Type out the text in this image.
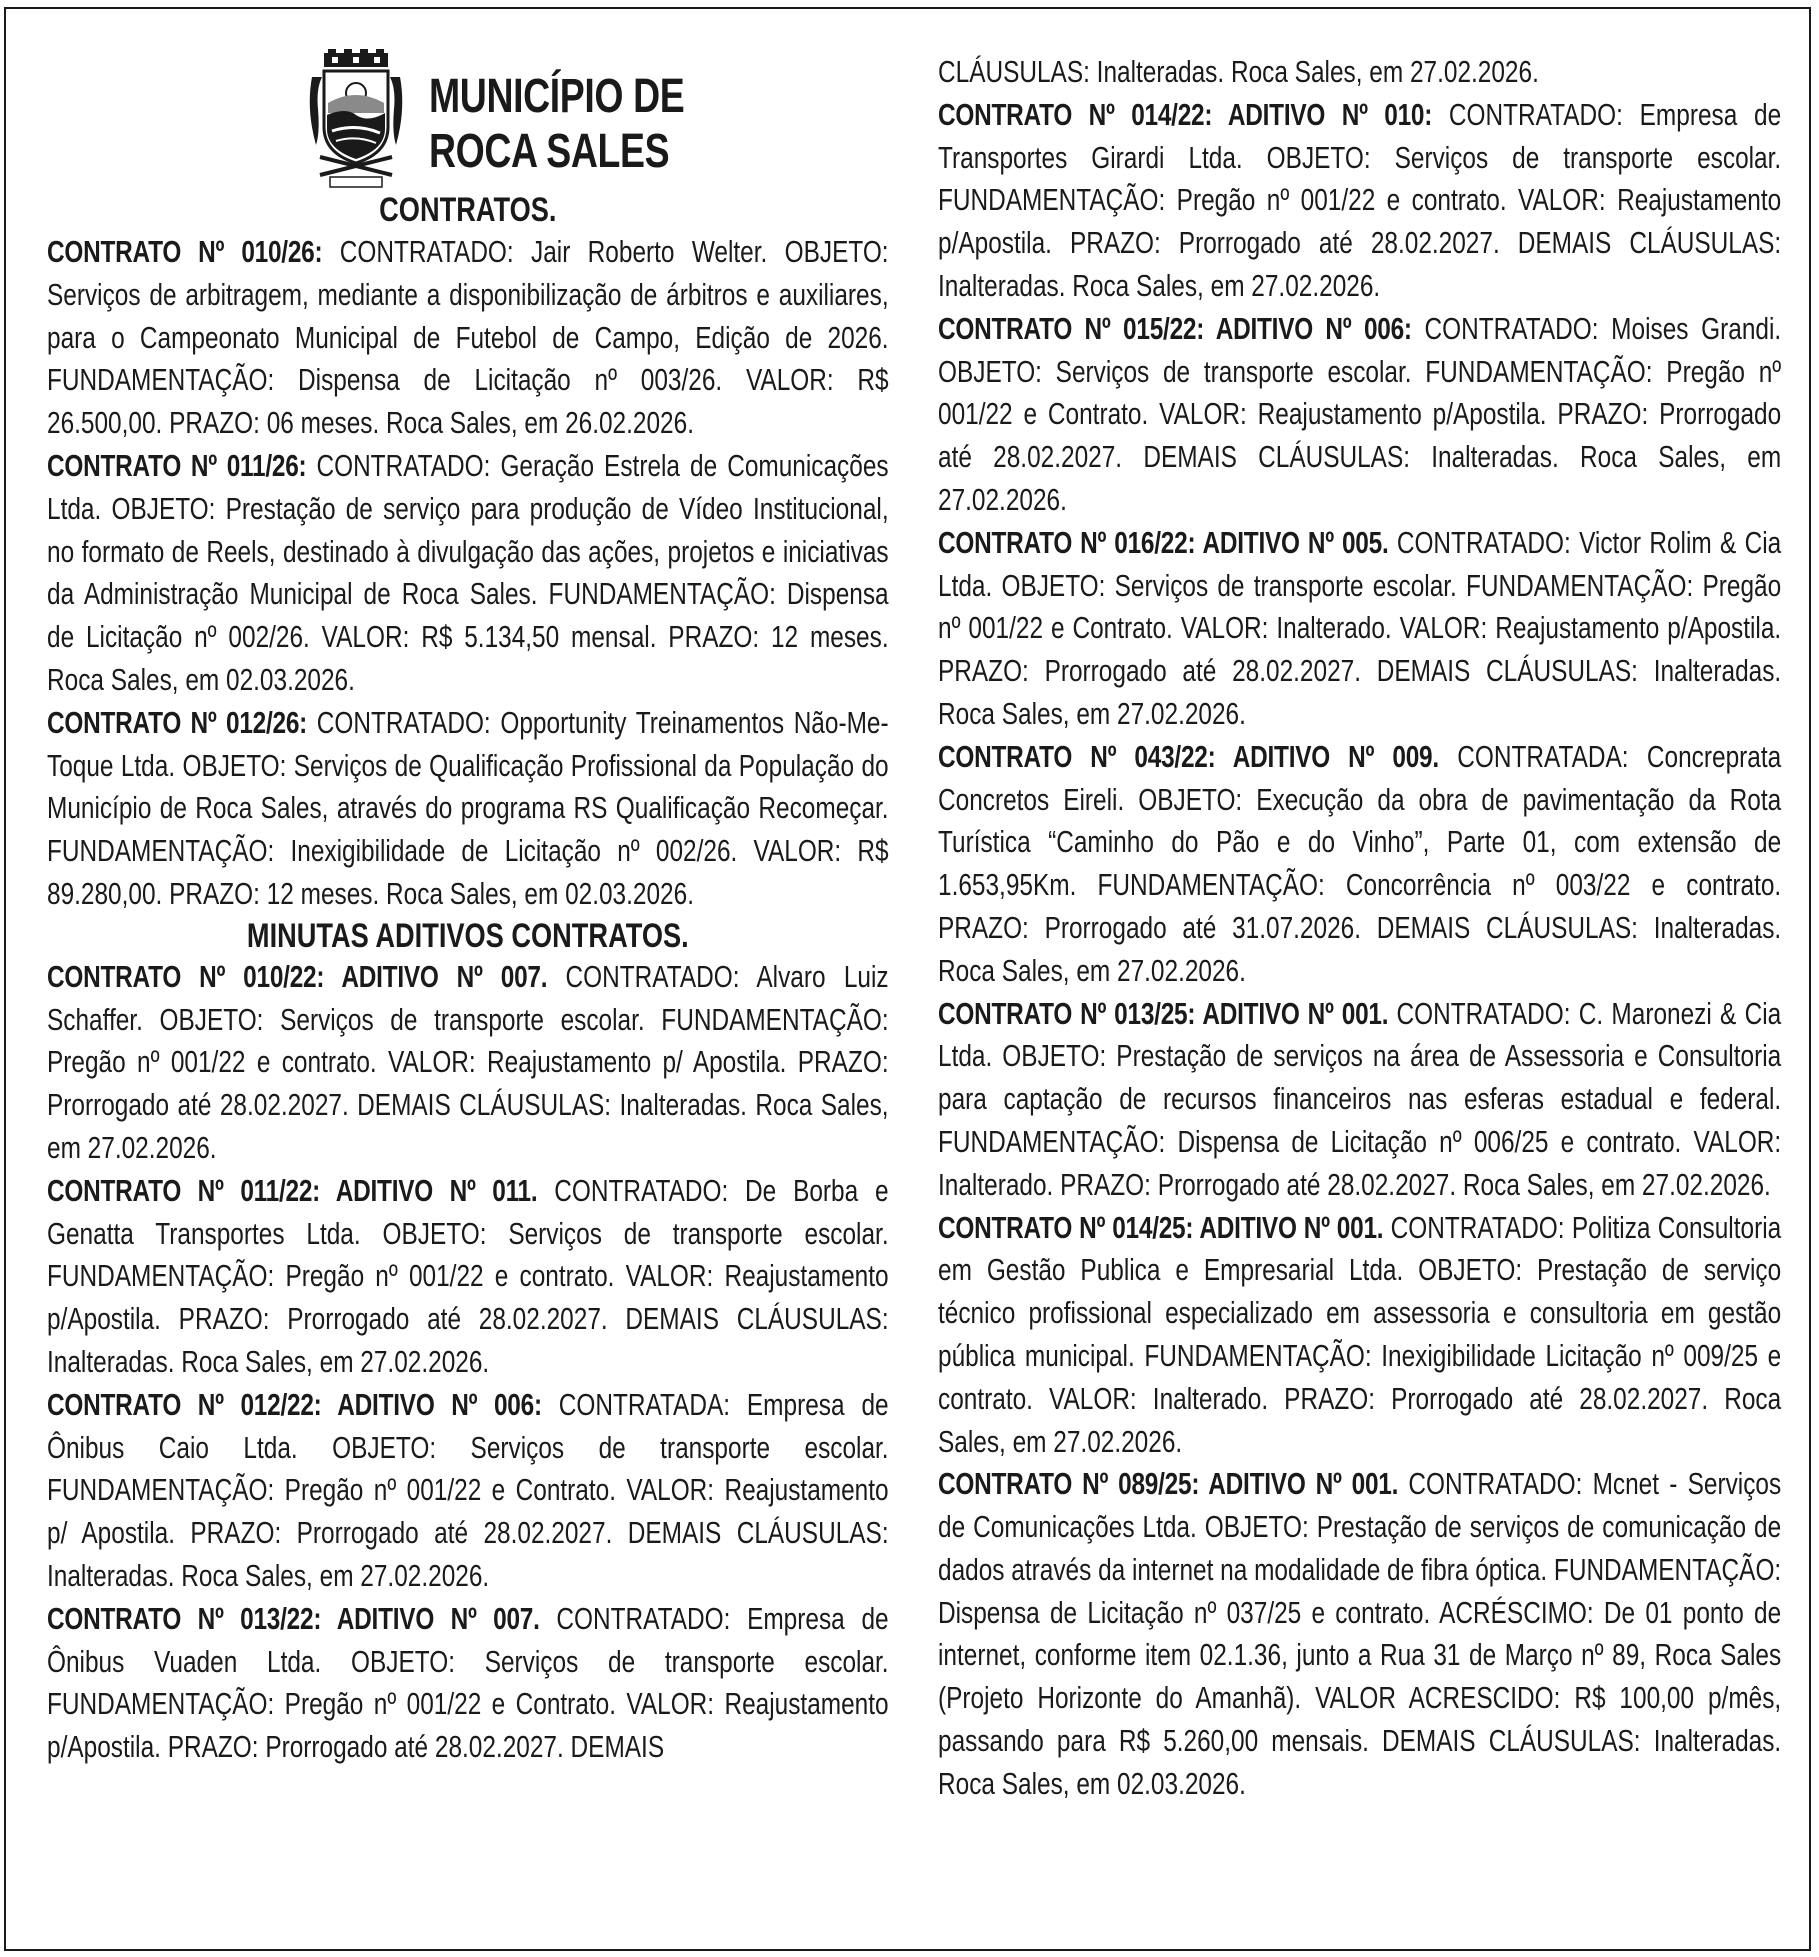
MUNICÍPIO DE
ROCA SALES

CONTRATOS.

CONTRATO Nº 010/26: CONTRATADO: Jair Roberto Welter. OBJETO: Serviços de arbitragem, mediante a disponibilização de árbitros e auxiliares, para o Campeonato Municipal de Futebol de Campo, Edição de 2026. FUNDAMENTAÇÃO: Dispensa de Licitação nº 003/26. VALOR: R$ 26.500,00. PRAZO: 06 meses. Roca Sales, em 26.02.2026.

CONTRATO Nº 011/26: CONTRATADO: Geração Estrela de Comunicações Ltda. OBJETO: Prestação de serviço para produção de Vídeo Institucional, no formato de Reels, destinado à divulgação das ações, projetos e iniciativas da Administração Municipal de Roca Sales. FUNDAMENTAÇÃO: Dispensa de Licitação nº 002/26. VALOR: R$ 5.134,50 mensal. PRAZO: 12 meses. Roca Sales, em 02.03.2026.

CONTRATO Nº 012/26: CONTRATADO: Opportunity Treinamentos Não-Me-Toque Ltda. OBJETO: Serviços de Qualificação Profissional da População do Município de Roca Sales, através do programa RS Qualificação Recomeçar. FUNDAMENTAÇÃO: Inexigibilidade de Licitação nº 002/26. VALOR: R$ 89.280,00. PRAZO: 12 meses. Roca Sales, em 02.03.2026.

MINUTAS ADITIVOS CONTRATOS.

CONTRATO Nº 010/22: ADITIVO Nº 007. CONTRATADO: Alvaro Luiz Schaffer. OBJETO: Serviços de transporte escolar. FUNDAMENTAÇÃO: Pregão nº 001/22 e contrato. VALOR: Reajustamento p/ Apostila. PRAZO: Prorrogado até 28.02.2027. DEMAIS CLÁUSULAS: Inalteradas. Roca Sales, em 27.02.2026.

CONTRATO Nº 011/22: ADITIVO Nº 011. CONTRATADO: De Borba e Genatta Transportes Ltda. OBJETO: Serviços de transporte escolar. FUNDAMENTAÇÃO: Pregão nº 001/22 e contrato. VALOR: Reajustamento p/Apostila. PRAZO: Prorrogado até 28.02.2027. DEMAIS CLÁUSULAS: Inalteradas. Roca Sales, em 27.02.2026.

CONTRATO Nº 012/22: ADITIVO Nº 006: CONTRATADA: Empresa de Ônibus Caio Ltda. OBJETO: Serviços de transporte escolar. FUNDAMENTAÇÃO: Pregão nº 001/22 e Contrato. VALOR: Reajustamento p/ Apostila. PRAZO: Prorrogado até 28.02.2027. DEMAIS CLÁUSULAS: Inalteradas. Roca Sales, em 27.02.2026.

CONTRATO Nº 013/22: ADITIVO Nº 007. CONTRATADO: Empresa de Ônibus Vuaden Ltda. OBJETO: Serviços de transporte escolar. FUNDAMENTAÇÃO: Pregão nº 001/22 e Contrato. VALOR: Reajustamento p/Apostila. PRAZO: Prorrogado até 28.02.2027. DEMAIS

CLÁUSULAS: Inalteradas. Roca Sales, em 27.02.2026.

CONTRATO Nº 014/22: ADITIVO Nº 010: CONTRATADO: Empresa de Transportes Girardi Ltda. OBJETO: Serviços de transporte escolar. FUNDAMENTAÇÃO: Pregão nº 001/22 e contrato. VALOR: Reajustamento p/Apostila. PRAZO: Prorrogado até 28.02.2027. DEMAIS CLÁUSULAS: Inalteradas. Roca Sales, em 27.02.2026.

CONTRATO Nº 015/22: ADITIVO Nº 006: CONTRATADO: Moises Grandi. OBJETO: Serviços de transporte escolar. FUNDAMENTAÇÃO: Pregão nº 001/22 e Contrato. VALOR: Reajustamento p/Apostila. PRAZO: Prorrogado até 28.02.2027. DEMAIS CLÁUSULAS: Inalteradas. Roca Sales, em 27.02.2026.

CONTRATO Nº 016/22: ADITIVO Nº 005. CONTRATADO: Victor Rolim & Cia Ltda. OBJETO: Serviços de transporte escolar. FUNDAMENTAÇÃO: Pregão nº 001/22 e Contrato. VALOR: Inalterado. VALOR: Reajustamento p/Apostila. PRAZO: Prorrogado até 28.02.2027. DEMAIS CLÁUSULAS: Inalteradas. Roca Sales, em 27.02.2026.

CONTRATO Nº 043/22: ADITIVO Nº 009. CONTRATADA: Concreprata Concretos Eireli. OBJETO: Execução da obra de pavimentação da Rota Turística “Caminho do Pão e do Vinho”, Parte 01, com extensão de 1.653,95Km. FUNDAMENTAÇÃO: Concorrência nº 003/22 e contrato. PRAZO: Prorrogado até 31.07.2026. DEMAIS CLÁUSULAS: Inalteradas. Roca Sales, em 27.02.2026.

CONTRATO Nº 013/25: ADITIVO Nº 001. CONTRATADO: C. Maronezi & Cia Ltda. OBJETO: Prestação de serviços na área de Assessoria e Consultoria para captação de recursos financeiros nas esferas estadual e federal. FUNDAMENTAÇÃO: Dispensa de Licitação nº 006/25 e contrato. VALOR: Inalterado. PRAZO: Prorrogado até 28.02.2027. Roca Sales, em 27.02.2026.

CONTRATO Nº 014/25: ADITIVO Nº 001. CONTRATADO: Politiza Consultoria em Gestão Publica e Empresarial Ltda. OBJETO: Prestação de serviço técnico profissional especializado em assessoria e consultoria em gestão pública municipal. FUNDAMENTAÇÃO: Inexigibilidade Licitação nº 009/25 e contrato. VALOR: Inalterado. PRAZO: Prorrogado até 28.02.2027. Roca Sales, em 27.02.2026.

CONTRATO Nº 089/25: ADITIVO Nº 001. CONTRATADO: Mcnet - Serviços de Comunicações Ltda. OBJETO: Prestação de serviços de comunicação de dados através da internet na modalidade de fibra óptica. FUNDAMENTAÇÃO: Dispensa de Licitação nº 037/25 e contrato. ACRÉSCIMO: De 01 ponto de internet, conforme item 02.1.36, junto a Rua 31 de Março nº 89, Roca Sales (Projeto Horizonte do Amanhã). VALOR ACRESCIDO: R$ 100,00 p/mês, passando para R$ 5.260,00 mensais. DEMAIS CLÁUSULAS: Inalteradas. Roca Sales, em 02.03.2026.
